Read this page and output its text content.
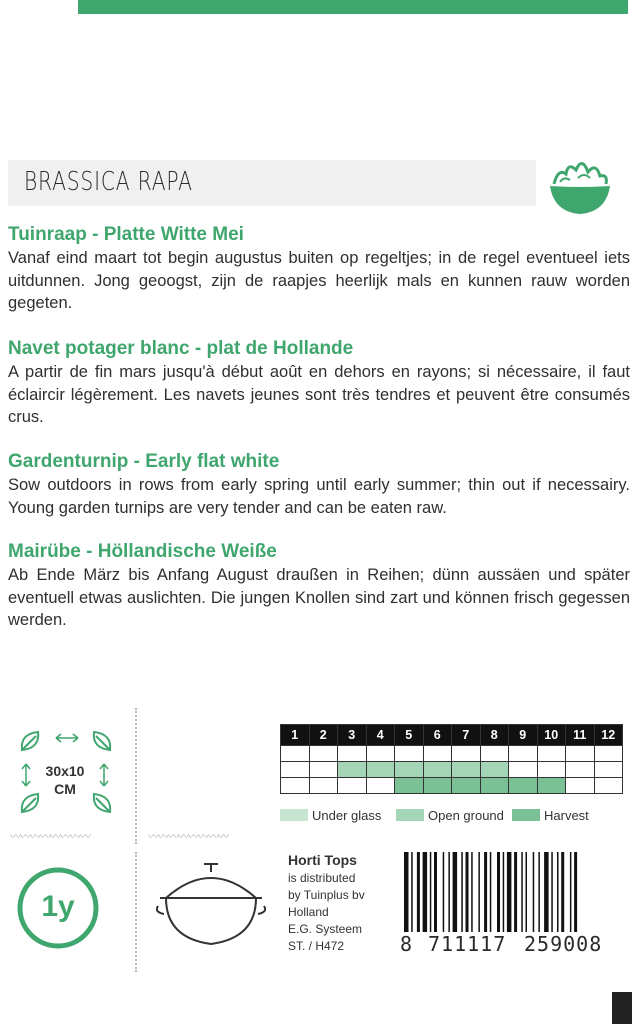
BRASSICA RAPA
Tuinraap - Platte Witte Mei

Vanaf eind maart tot begin augustus buiten op regeltjes; in de regel eventueel iets uitdunnen. Jong geoogst, zijn de raapjes heerlijk mals en kunnen rauw worden gegeten.

Navet potager blanc - plat de Hollande

A partir de fin mars jusqu'à début août en dehors en rayons; si nécessaire, il faut éclaircir légèrement. Les navets jeunes sont très tendres et peuvent être consumés crus.

Gardenturnip - Early flat white

Sow outdoors in rows from early spring until early summer; thin out if necessairy. Young garden turnips are very tender and can be eaten raw.

Mairübe - Höllandische Weiße

Ab Ende März bis Anfang August draußen in Reihen; dünn aussäen und später eventuell etwas auslichten. Die jungen Knollen sind zart und können frisch gegessen werden.

〰〰〰〰〰〰〰〰	〰〰〰〰〰〰〰〰
30x10
CM
1y
1	2	3	4	5	6	7	8	9	10	11	12

Under glass	Open ground	Harvest
Horti Tops
is distributed
by Tuinplus bv
Holland
E.G. Systeem
ST. / H472	8 711117 259008
